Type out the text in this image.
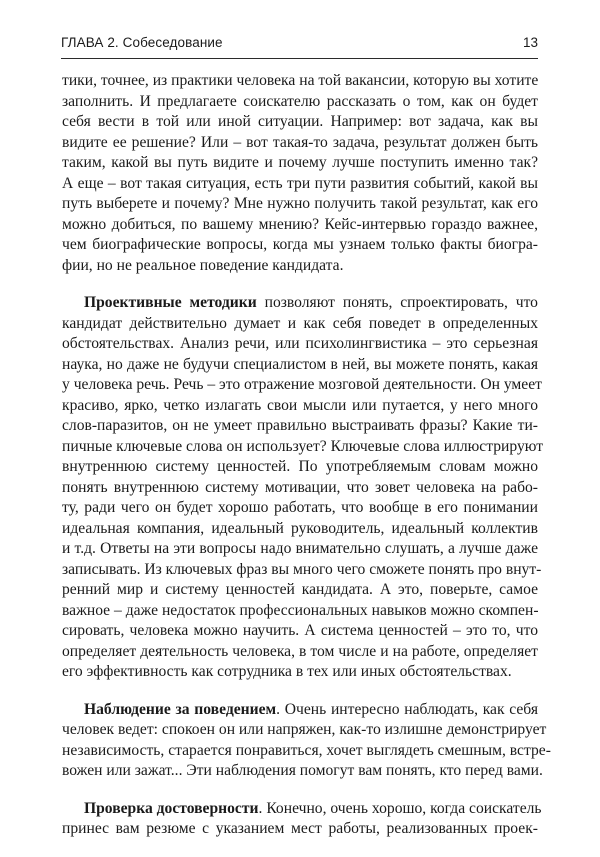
ГЛАВА 2. Собеседование	13

тики, точнее, из практики человека на той вакансии, которую вы хотите
заполнить. И предлагаете соискателю рассказать о том, как он будет
себя вести в той или иной ситуации. Например: вот задача, как вы
видите ее решение? Или – вот такая-то задача, результат должен быть
таким, какой вы путь видите и почему лучше поступить именно так?
А еще – вот такая ситуация, есть три пути развития событий, какой вы
путь выберете и почему? Мне нужно получить такой результат, как его
можно добиться, по вашему мнению? Кейс-интервью гораздо важнее,
чем биографические вопросы, когда мы узнаем только факты биогра-
фии, но не реальное поведение кандидата.

Проективные методики позволяют понять, спроектировать, что
кандидат действительно думает и как себя поведет в определенных
обстоятельствах. Анализ речи, или психолингвистика – это серьезная
наука, но даже не будучи специалистом в ней, вы можете понять, какая
у человека речь. Речь – это отражение мозговой деятельности. Он умеет
красиво, ярко, четко излагать свои мысли или путается, у него много
слов-паразитов, он не умеет правильно выстраивать фразы? Какие ти-
пичные ключевые слова он использует? Ключевые слова иллюстрируют
внутреннюю систему ценностей. По употребляемым словам можно
понять внутреннюю систему мотивации, что зовет человека на рабо-
ту, ради чего он будет хорошо работать, что вообще в его понимании
идеальная компания, идеальный руководитель, идеальный коллектив
и т.д. Ответы на эти вопросы надо внимательно слушать, а лучше даже
записывать. Из ключевых фраз вы много чего сможете понять про внут-
ренний мир и систему ценностей кандидата. А это, поверьте, самое
важное – даже недостаток профессиональных навыков можно скомпен-
сировать, человека можно научить. А система ценностей – это то, что
определяет деятельность человека, в том числе и на работе, определяет
его эффективность как сотрудника в тех или иных обстоятельствах.

Наблюдение за поведением. Очень интересно наблюдать, как себя
человек ведет: спокоен он или напряжен, как-то излишне демонстрирует
независимость, старается понравиться, хочет выглядеть смешным, встре-
вожен или зажат... Эти наблюдения помогут вам понять, кто перед вами.

Проверка достоверности. Конечно, очень хорошо, когда соискатель
принес вам резюме с указанием мест работы, реализованных проек-
